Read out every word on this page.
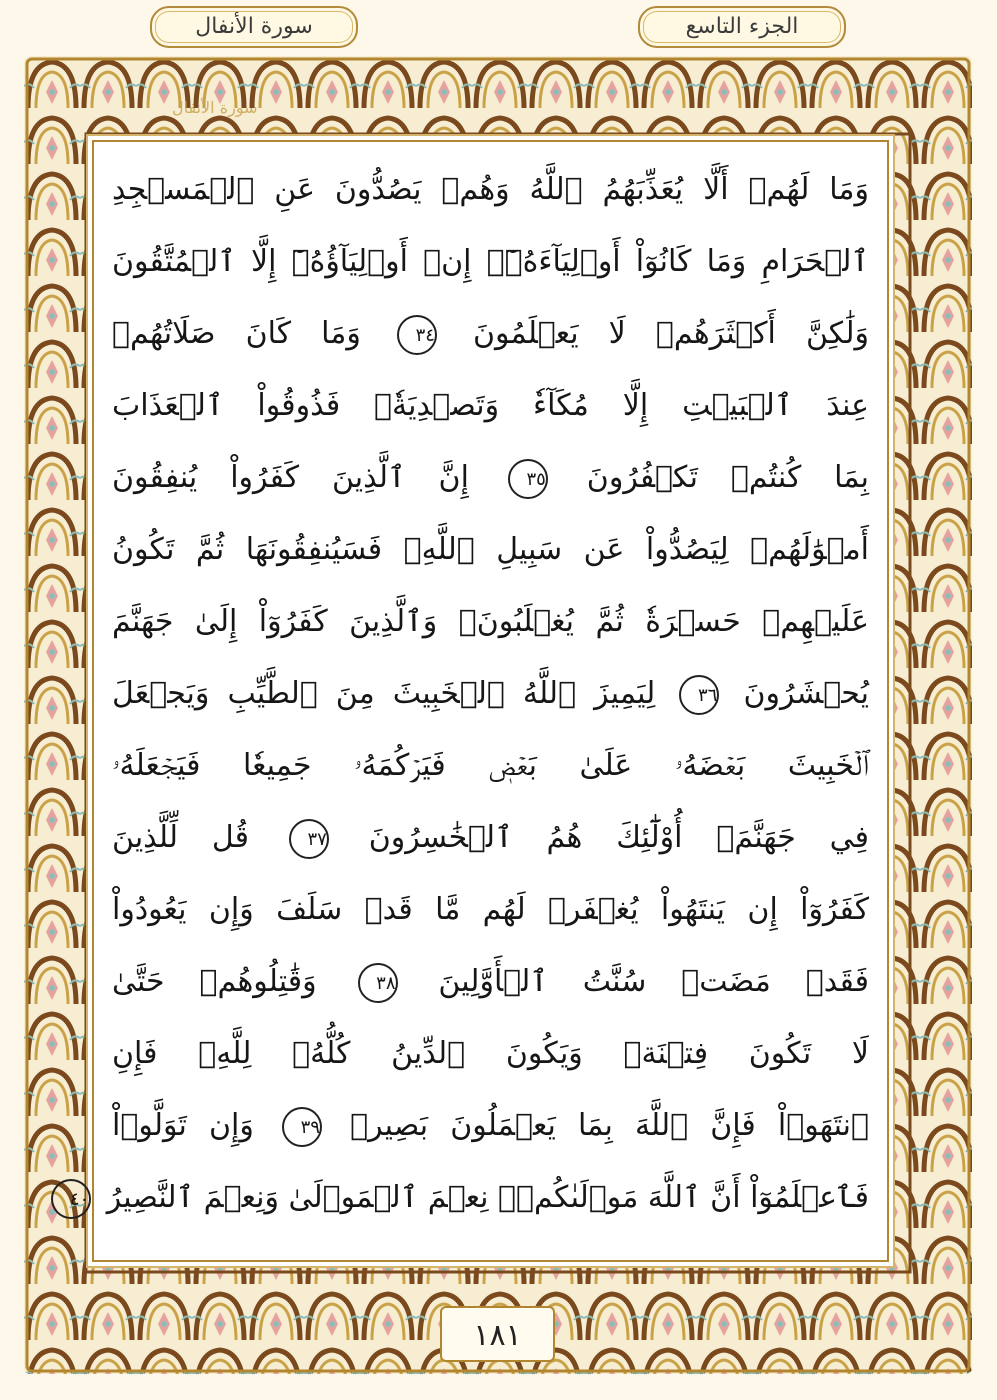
الجزء التاسع
سورة الأنفال
سورة الأنفال
وَمَا لَهُمۡ أَلَّا يُعَذِّبَهُمُ ٱللَّهُ وَهُمۡ يَصُدُّونَ عَنِ ٱلۡمَسۡجِدِ
ٱلۡحَرَامِ وَمَا كَانُوٓاْ أَوۡلِيَآءَهُۥٓۚ إِنۡ أَوۡلِيَآؤُهُۥٓ إِلَّا ٱلۡمُتَّقُونَ
وَلَٰكِنَّ أَكۡثَرَهُمۡ لَا يَعۡلَمُونَ ٣٤ وَمَا كَانَ صَلَاتُهُمۡ
عِندَ ٱلۡبَيۡتِ إِلَّا مُكَآءٗ وَتَصۡدِيَةٗۚ فَذُوقُواْ ٱلۡعَذَابَ
بِمَا كُنتُمۡ تَكۡفُرُونَ ٣٥ إِنَّ ٱلَّذِينَ كَفَرُواْ يُنفِقُونَ
أَمۡوَٰلَهُمۡ لِيَصُدُّواْ عَن سَبِيلِ ٱللَّهِۚ فَسَيُنفِقُونَهَا ثُمَّ تَكُونُ
عَلَيۡهِمۡ حَسۡرَةٗ ثُمَّ يُغۡلَبُونَۗ وَٱلَّذِينَ كَفَرُوٓاْ إِلَىٰ جَهَنَّمَ
يُحۡشَرُونَ ٣٦ لِيَمِيزَ ٱللَّهُ ٱلۡخَبِيثَ مِنَ ٱلطَّيِّبِ وَيَجۡعَلَ
ٱلۡخَبِيثَ بَعۡضَهُۥ عَلَىٰ بَعۡضٖ فَيَرۡكُمَهُۥ جَمِيعٗا فَيَجۡعَلَهُۥ
فِي جَهَنَّمَۚ أُوْلَٰٓئِكَ هُمُ ٱلۡخَٰسِرُونَ ٣٧ قُل لِّلَّذِينَ
كَفَرُوٓاْ إِن يَنتَهُواْ يُغۡفَرۡ لَهُم مَّا قَدۡ سَلَفَ وَإِن يَعُودُواْ
فَقَدۡ مَضَتۡ سُنَّتُ ٱلۡأَوَّلِينَ ٣٨ وَقَٰتِلُوهُمۡ حَتَّىٰ
لَا تَكُونَ فِتۡنَةٞ وَيَكُونَ ٱلدِّينُ كُلُّهُۥ لِلَّهِۚ فَإِنِ
ٱنتَهَوۡاْ فَإِنَّ ٱللَّهَ بِمَا يَعۡمَلُونَ بَصِيرٞ ٣٩ وَإِن تَوَلَّوۡاْ
فَٱعۡلَمُوٓاْ أَنَّ ٱللَّهَ مَوۡلَىٰكُمۡۚ نِعۡمَ ٱلۡمَوۡلَىٰ وَنِعۡمَ ٱلنَّصِيرُ ٤٠
١٨١
